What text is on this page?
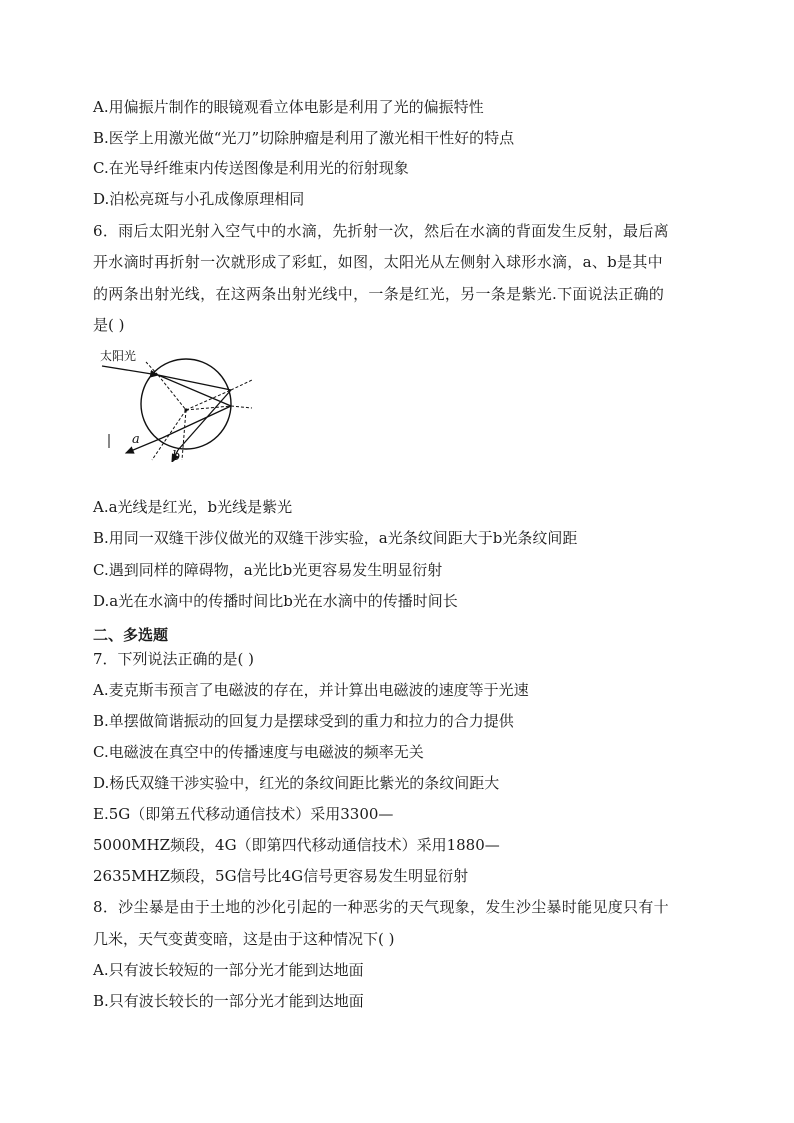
A.用偏振片制作的眼镜观看立体电影是利用了光的偏振特性
B.医学上用激光做“光刀”切除肿瘤是利用了激光相干性好的特点
C.在光导纤维束内传送图像是利用光的衍射现象
D.泊松亮斑与小孔成像原理相同
6．雨后太阳光射入空气中的水滴，先折射一次，然后在水滴的背面发生反射，最后离
开水滴时再折射一次就形成了彩虹，如图，太阳光从左侧射入球形水滴，a、b是其中
的两条出射光线，在这两条出射光线中，一条是红光，另一条是紫光.下面说法正确的
是( )
太阳光
a
b
A.a光线是红光，b光线是紫光
B.用同一双缝干涉仪做光的双缝干涉实验，a光条纹间距大于b光条纹间距
C.遇到同样的障碍物，a光比b光更容易发生明显衍射
D.a光在水滴中的传播时间比b光在水滴中的传播时间长
二、多选题
7．下列说法正确的是( )
A.麦克斯韦预言了电磁波的存在，并计算出电磁波的速度等于光速
B.单摆做简谐振动的回复力是摆球受到的重力和拉力的合力提供
C.电磁波在真空中的传播速度与电磁波的频率无关
D.杨氏双缝干涉实验中，红光的条纹间距比紫光的条纹间距大
E.5G（即第五代移动通信技术）采用3300—
5000MHZ频段，4G（即第四代移动通信技术）采用1880—
2635MHZ频段，5G信号比4G信号更容易发生明显衍射
8．沙尘暴是由于土地的沙化引起的一种恶劣的天气现象，发生沙尘暴时能见度只有十
几米，天气变黄变暗，这是由于这种情况下( )
A.只有波长较短的一部分光才能到达地面
B.只有波长较长的一部分光才能到达地面
